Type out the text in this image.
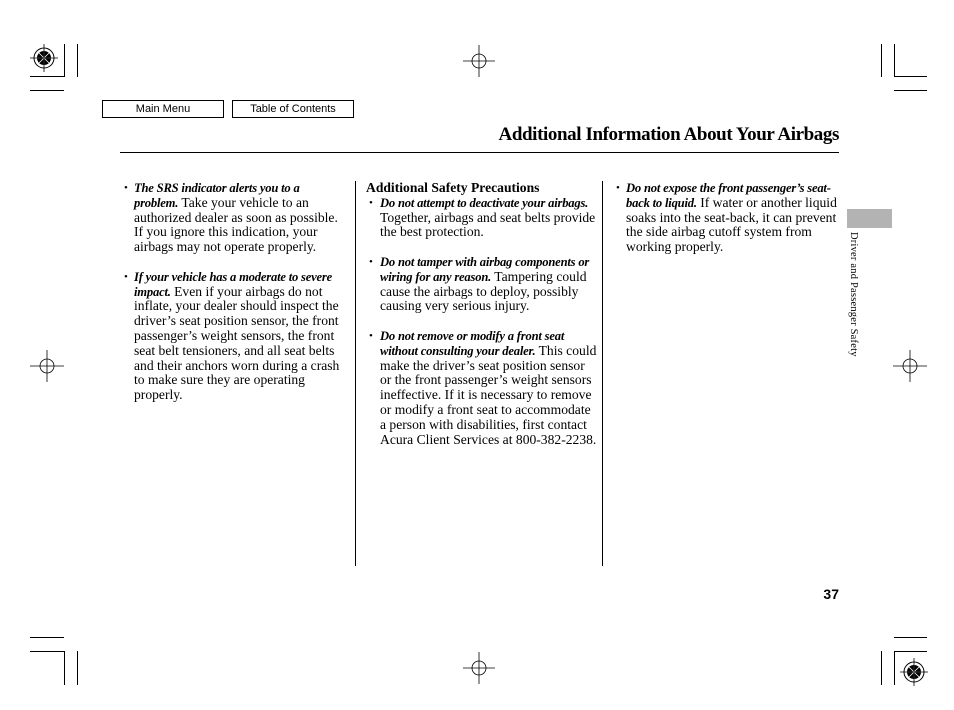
Main Menu	Table of Contents
Additional Information About Your Airbags
• The SRS indicator alerts you to a problem. Take your vehicle to an authorized dealer as soon as possible. If you ignore this indication, your airbags may not operate properly.
• If your vehicle has a moderate to severe impact. Even if your airbags do not inflate, your dealer should inspect the driver’s seat position sensor, the front passenger’s weight sensors, the front seat belt tensioners, and all seat belts and their anchors worn during a crash to make sure they are operating properly.
Additional Safety Precautions
• Do not attempt to deactivate your airbags. Together, airbags and seat belts provide the best protection.
• Do not tamper with airbag components or wiring for any reason. Tampering could cause the airbags to deploy, possibly causing very serious injury.
• Do not remove or modify a front seat without consulting your dealer. This could make the driver’s seat position sensor or the front passenger’s weight sensors ineffective. If it is necessary to remove or modify a front seat to accommodate a person with disabilities, first contact Acura Client Services at 800-382-2238.
• Do not expose the front passenger’s seat-back to liquid. If water or another liquid soaks into the seat-back, it can prevent the side airbag cutoff system from working properly.	Driver and Passenger Safety
37
